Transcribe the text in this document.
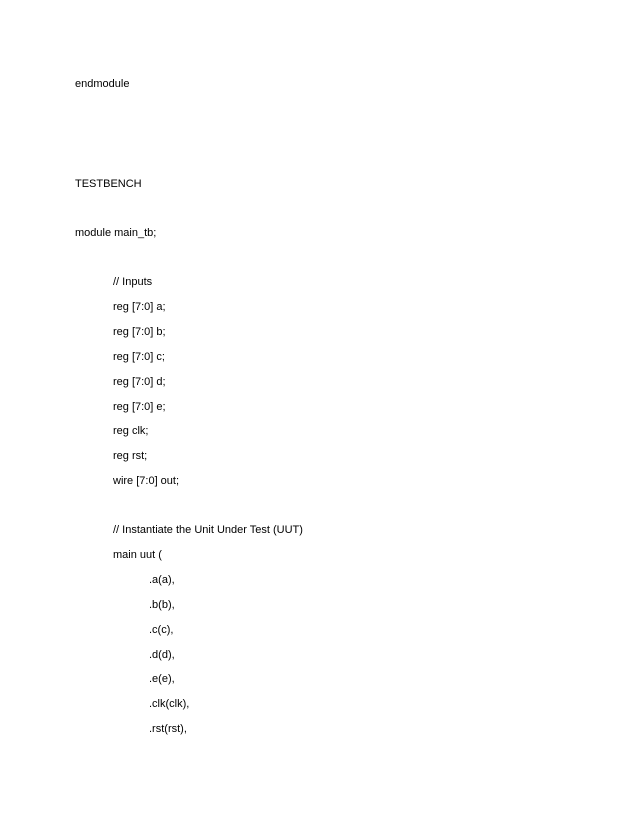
endmodule
TESTBENCH
module main_tb;
// Inputs
reg [7:0] a;
reg [7:0] b;
reg [7:0] c;
reg [7:0] d;
reg [7:0] e;
reg clk;
reg rst;
wire [7:0] out;
// Instantiate the Unit Under Test (UUT)
main uut (
.a(a),
.b(b),
.c(c),
.d(d),
.e(e),
.clk(clk),
.rst(rst),
